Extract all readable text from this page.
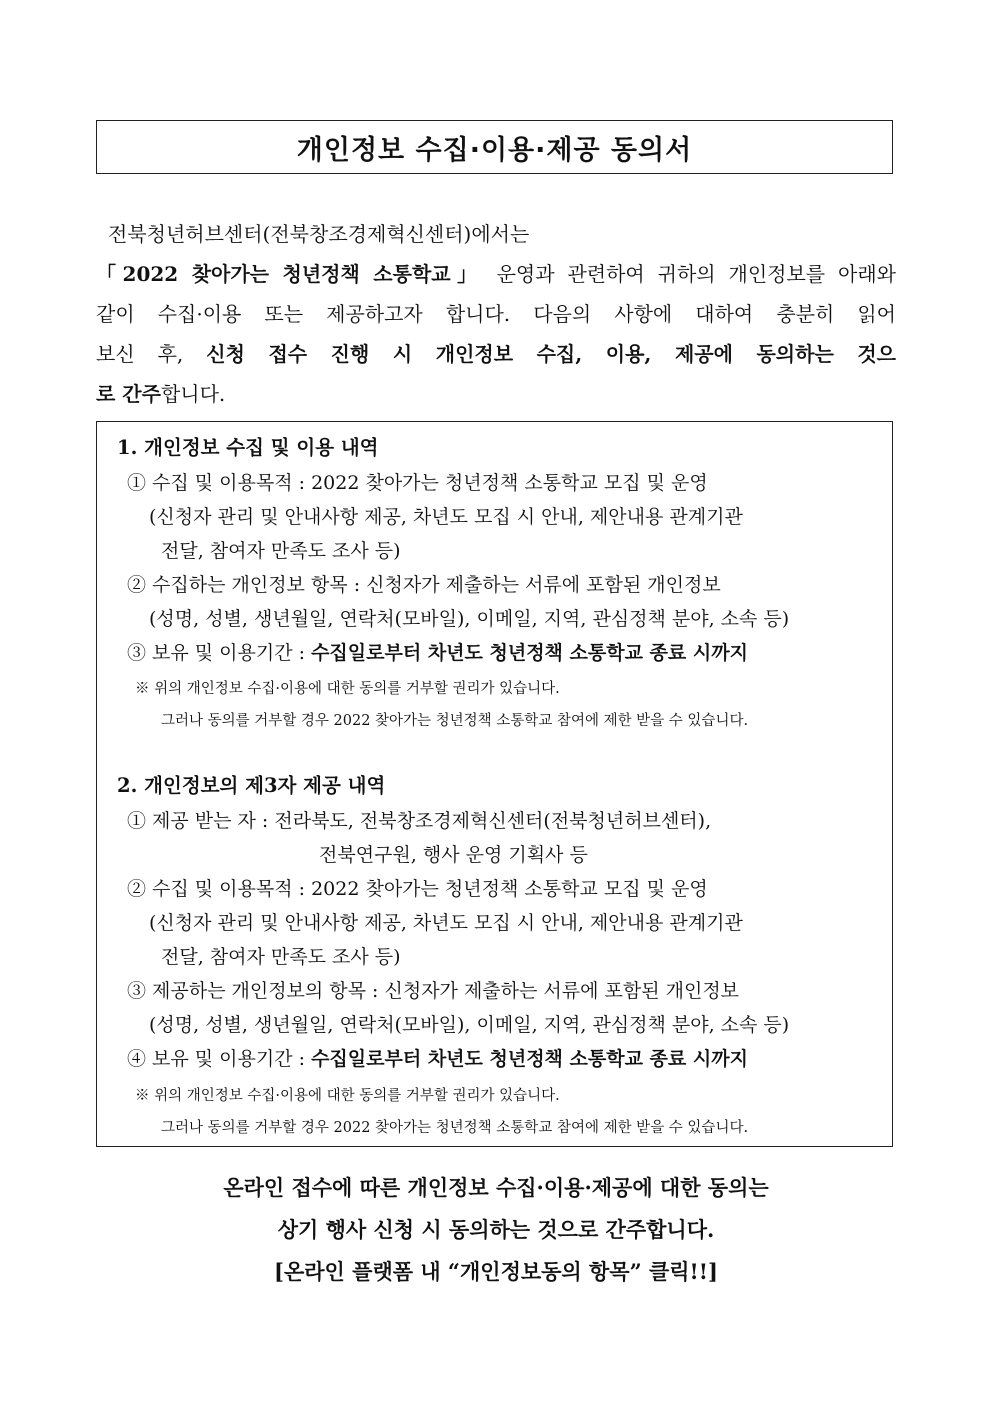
개인정보 수집·이용·제공 동의서

전북청년허브센터(전북창조경제혁신센터)에서는

「2022 찾아가는 청년정책 소통학교」 운영과 관련하여 귀하의 개인정보를 아래와

같이 수집·이용 또는 제공하고자 합니다. 다음의 사항에 대하여 충분히 읽어

보신 후, 신청 접수 진행 시 개인정보 수집, 이용, 제공에 동의하는 것으

로 간주합니다.

1. 개인정보 수집 및 이용 내역
① 수집 및 이용목적 : 2022 찾아가는 청년정책 소통학교 모집 및 운영
(신청자 관리 및 안내사항 제공, 차년도 모집 시 안내, 제안내용 관계기관
전달, 참여자 만족도 조사 등)
② 수집하는 개인정보 항목 : 신청자가 제출하는 서류에 포함된 개인정보
(성명, 성별, 생년월일, 연락처(모바일), 이메일, 지역, 관심정책 분야, 소속 등)
③ 보유 및 이용기간 : 수집일로부터 차년도 청년정책 소통학교 종료 시까지
※ 위의 개인정보 수집·이용에 대한 동의를 거부할 권리가 있습니다.
그러나 동의를 거부할 경우 2022 찾아가는 청년정책 소통학교 참여에 제한 받을 수 있습니다.
2. 개인정보의 제3자 제공 내역
① 제공 받는 자 : 전라북도, 전북창조경제혁신센터(전북청년허브센터),
전북연구원, 행사 운영 기획사 등
② 수집 및 이용목적 : 2022 찾아가는 청년정책 소통학교 모집 및 운영
(신청자 관리 및 안내사항 제공, 차년도 모집 시 안내, 제안내용 관계기관
전달, 참여자 만족도 조사 등)
③ 제공하는 개인정보의 항목 : 신청자가 제출하는 서류에 포함된 개인정보
(성명, 성별, 생년월일, 연락처(모바일), 이메일, 지역, 관심정책 분야, 소속 등)
④ 보유 및 이용기간 : 수집일로부터 차년도 청년정책 소통학교 종료 시까지
※ 위의 개인정보 수집·이용에 대한 동의를 거부할 권리가 있습니다.
그러나 동의를 거부할 경우 2022 찾아가는 청년정책 소통학교 참여에 제한 받을 수 있습니다.
온라인 접수에 따른 개인정보 수집·이용·제공에 대한 동의는
상기 행사 신청 시 동의하는 것으로 간주합니다.
[온라인 플랫폼 내 “개인정보동의 항목” 클릭!!]
